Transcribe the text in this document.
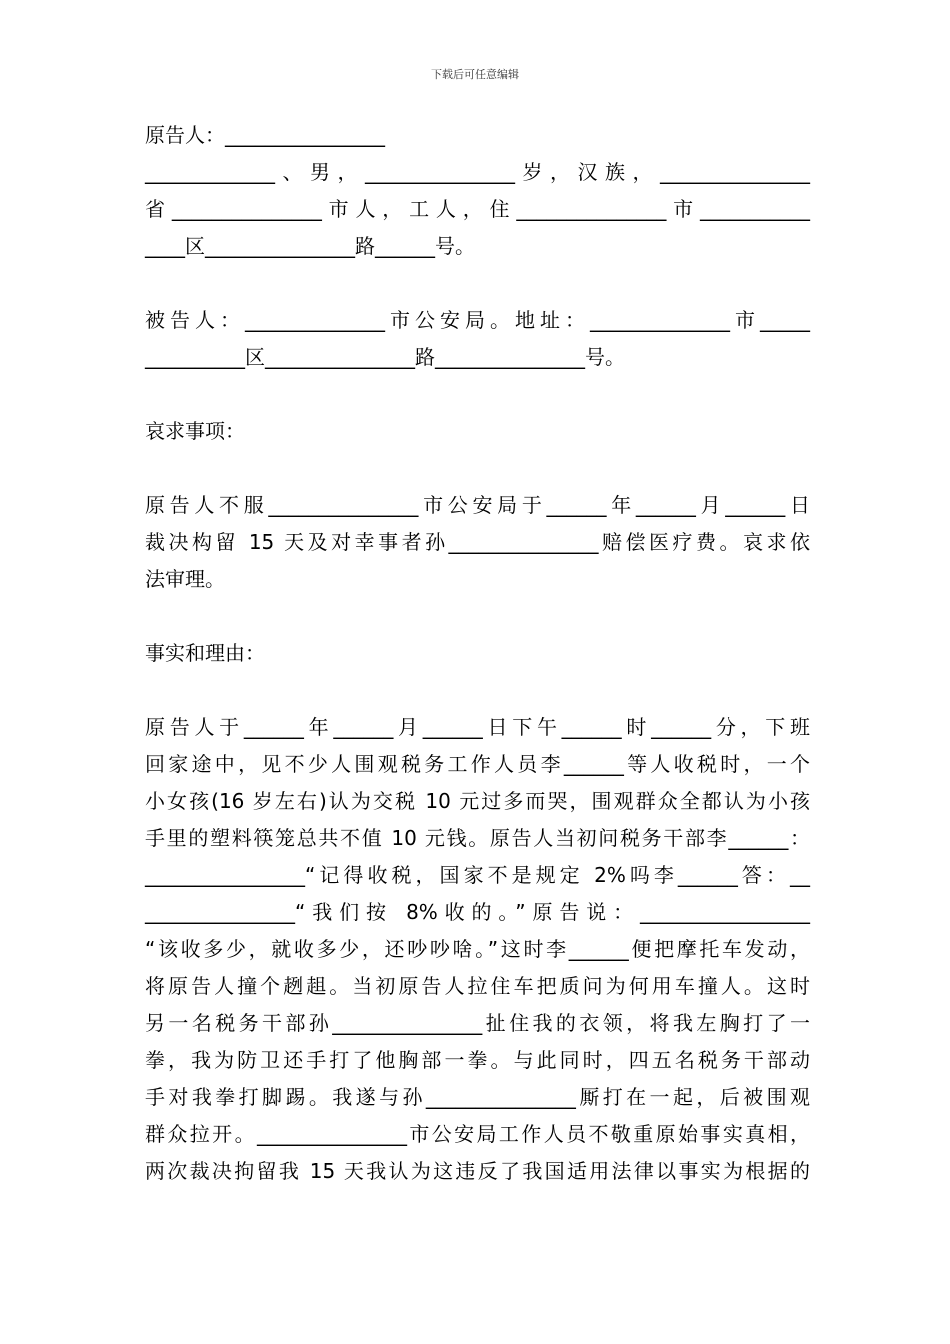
下载后可任意编辑
原告人：________________
_____________、男，_______________岁，汉族，_______________
省_______________市人，工人，住_______________市___________
____区_______________路______号。
被告人：______________市公安局。地址：______________市_____
__________区_______________路_______________号。
哀求事项：
原告人不服_______________市公安局于______年______月______日
裁决构留 15 天及对幸事者孙_______________赔偿医疗费。哀求依
法审理。
事实和理由：
原告人于______年______月______日下午______时______分，下班
回家途中，见不少人围观税务工作人员李______等人收税时，一个
小女孩(16 岁左右)认为交税 10 元过多而哭，围观群众全都认为小孩
手里的塑料筷笼总共不值 10 元钱。原告人当初问税务干部李______：
________________“记得收税，国家不是规定 2%吗李______答：__
_______________“我们按 8%收的。”原告说：_________________
“该收多少，就收多少，还吵吵啥。”这时李______便把摩托车发动，
将原告人撞个趔趄。当初原告人拉住车把质问为何用车撞人。这时
另一名税务干部孙_______________扯住我的衣领，将我左胸打了一
拳，我为防卫还手打了他胸部一拳。与此同时，四五名税务干部动
手对我拳打脚踢。我遂与孙_______________厮打在一起，后被围观
群众拉开。_______________市公安局工作人员不敬重原始事实真相，
两次裁决拘留我 15 天我认为这违反了我国适用法律以事实为根据的
